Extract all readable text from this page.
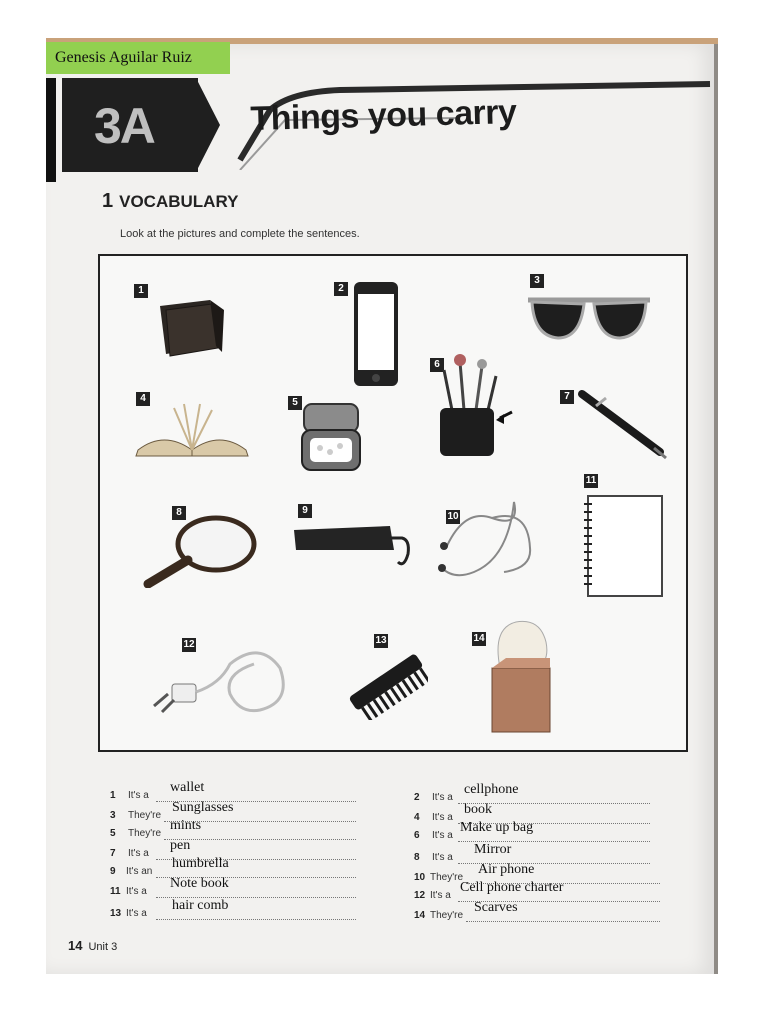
Genesis Aguilar Ruiz
3A	Things you carry
1 VOCABULARY
Look at the pictures and complete the sentences.
1	2
3
4	5
6
7
8	9
10
11
12	13	14
1 It's a
wallet
3 They're
Sunglasses
5 They're
mints
7 It's a
pen
9 It's an
humbrella
11 It's a
Note book
13 It's a
hair comb
2 It's a
cellphone
4 It's a
book
6 It's a
Make up bag
8 It's a
Mirror
10 They're
Air phone
12 It's a
Cell phone charter
14 They're
Scarves
14 Unit 3
